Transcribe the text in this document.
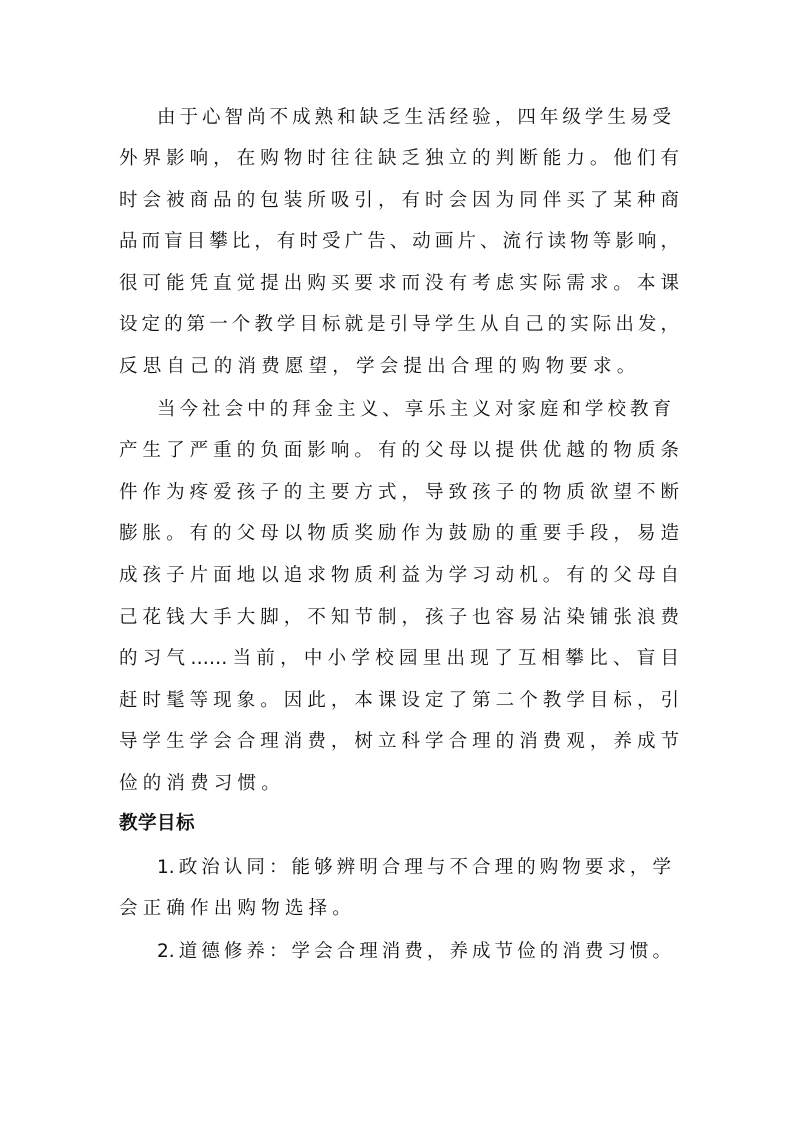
由于心智尚不成熟和缺乏生活经验，四年级学生易受
外界影响，在购物时往往缺乏独立的判断能力。他们有
时会被商品的包装所吸引，有时会因为同伴买了某种商
品而盲目攀比，有时受广告、动画片、流行读物等影响，
很可能凭直觉提出购买要求而没有考虑实际需求。本课
设定的第一个教学目标就是引导学生从自己的实际出发，
反思自己的消费愿望，学会提出合理的购物要求。
当今社会中的拜金主义、享乐主义对家庭和学校教育
产生了严重的负面影响。有的父母以提供优越的物质条
件作为疼爱孩子的主要方式，导致孩子的物质欲望不断
膨胀。有的父母以物质奖励作为鼓励的重要手段，易造
成孩子片面地以追求物质利益为学习动机。有的父母自
己花钱大手大脚，不知节制，孩子也容易沾染铺张浪费
的习气……当前，中小学校园里出现了互相攀比、盲目
赶时髦等现象。因此，本课设定了第二个教学目标，引
导学生学会合理消费，树立科学合理的消费观，养成节
俭的消费习惯。
教学目标
1.政治认同：能够辨明合理与不合理的购物要求，学
会正确作出购物选择。
2.道德修养：学会合理消费，养成节俭的消费习惯。
